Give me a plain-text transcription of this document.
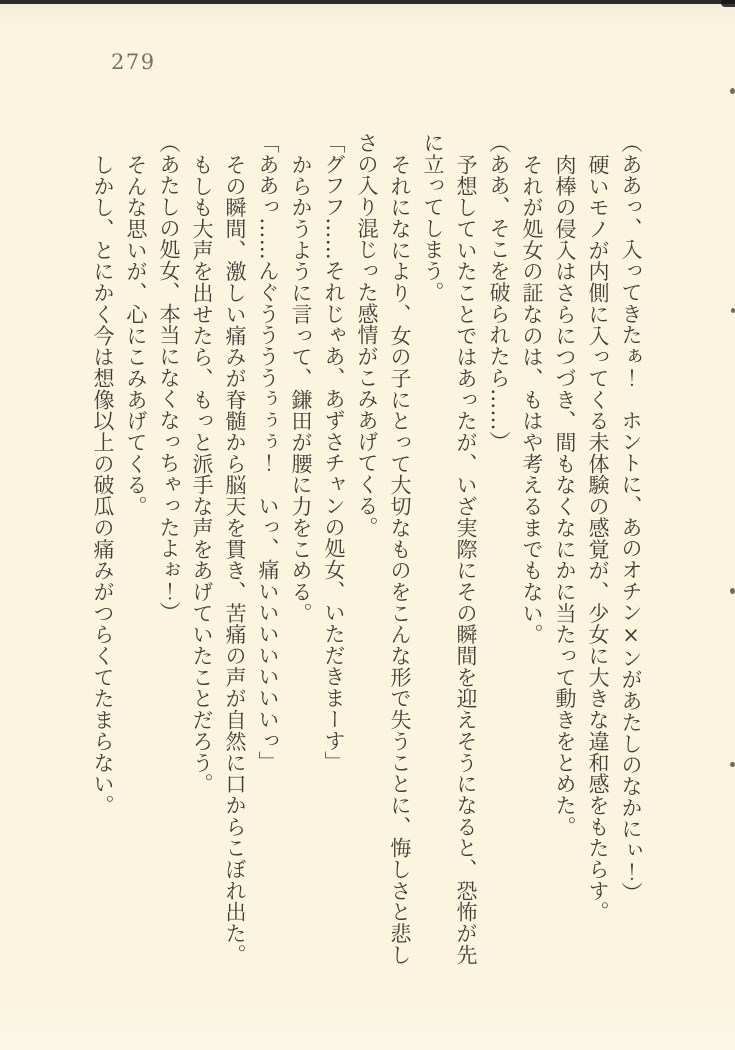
279

（ああっ、入ってきたぁ！　ホントに、あのオチン×ンがあたしのなかにぃ！）

硬いモノが内側に入ってくる未体験の感覚が、少女に大きな違和感をもたらす。

肉棒の侵入はさらにつづき、間もなくなにかに当たって動きをとめた。

それが処女の証なのは、もはや考えるまでもない。

（ああ、そこを破られたら……）

予想していたことではあったが、いざ実際にその瞬間を迎えそうになると、恐怖が先に立ってしまう。

それになにより、女の子にとって大切なものをこんな形で失うことに、悔しさと悲しさの入り混じった感情がこみあげてくる。

「グフフ……それじゃあ、あずさチャンの処女、いただきまーす」

からかうように言って、鎌田が腰に力をこめる。

「ああっ……んぐううううぅぅぅ！　いっ、痛いいいいいいいっ」

その瞬間、激しい痛みが脊髄から脳天を貫き、苦痛の声が自然に口からこぼれ出た。

もしも大声を出せたら、もっと派手な声をあげていたことだろう。

（あたしの処女、本当になくなっちゃったよぉ！）

そんな思いが、心にこみあげてくる。

しかし、とにかく今は想像以上の破瓜の痛みがつらくてたまらない。
